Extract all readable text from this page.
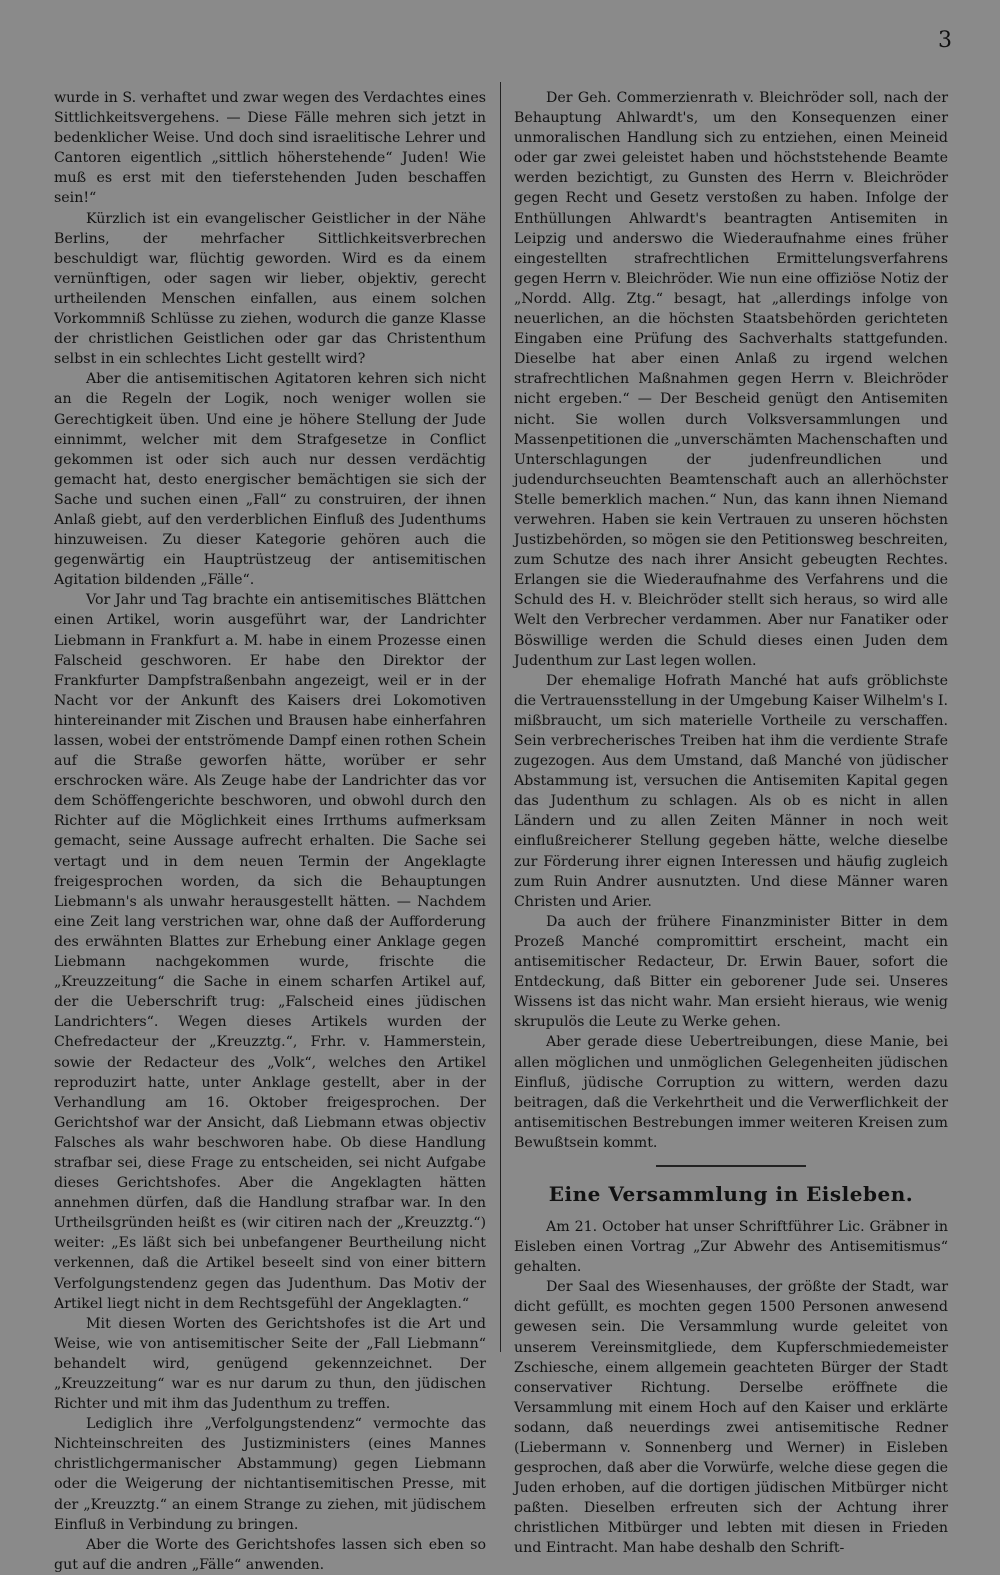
3

wurde in S. verhaftet und zwar wegen des Verdachtes eines Sittlichkeitsvergehens. — Diese Fälle mehren sich jetzt in bedenklicher Weise. Und doch sind israelitische Lehrer und Cantoren eigentlich „sittlich höherstehende“ Juden! Wie muß es erst mit den tieferstehenden Juden beschaffen sein!“

Kürzlich ist ein evangelischer Geistlicher in der Nähe Berlins, der mehrfacher Sittlichkeitsverbrechen beschuldigt war, flüchtig geworden. Wird es da einem vernünftigen, oder sagen wir lieber, objektiv, gerecht urtheilenden Menschen einfallen, aus einem solchen Vorkommniß Schlüsse zu ziehen, wodurch die ganze Klasse der christlichen Geistlichen oder gar das Christenthum selbst in ein schlechtes Licht gestellt wird?

Aber die antisemitischen Agitatoren kehren sich nicht an die Regeln der Logik, noch weniger wollen sie Gerechtigkeit üben. Und eine je höhere Stellung der Jude einnimmt, welcher mit dem Strafgesetze in Conflict gekommen ist oder sich auch nur dessen verdächtig gemacht hat, desto energischer bemächtigen sie sich der Sache und suchen einen „Fall“ zu construiren, der ihnen Anlaß giebt, auf den verderblichen Einfluß des Judenthums hinzuweisen. Zu dieser Kategorie gehören auch die gegenwärtig ein Hauptrüstzeug der antisemitischen Agitation bildenden „Fälle“.

Vor Jahr und Tag brachte ein antisemitisches Blättchen einen Artikel, worin ausgeführt war, der Landrichter Liebmann in Frankfurt a. M. habe in einem Prozesse einen Falscheid geschworen. Er habe den Direktor der Frankfurter Dampfstraßenbahn angezeigt, weil er in der Nacht vor der Ankunft des Kaisers drei Lokomotiven hintereinander mit Zischen und Brausen habe einherfahren lassen, wobei der entströmende Dampf einen rothen Schein auf die Straße geworfen hätte, worüber er sehr erschrocken wäre. Als Zeuge habe der Landrichter das vor dem Schöffengerichte beschworen, und obwohl durch den Richter auf die Möglichkeit eines Irrthums aufmerksam gemacht, seine Aussage aufrecht erhalten. Die Sache sei vertagt und in dem neuen Termin der Angeklagte freigesprochen worden, da sich die Behauptungen Liebmann's als unwahr herausgestellt hätten. — Nachdem eine Zeit lang verstrichen war, ohne daß der Aufforderung des erwähnten Blattes zur Erhebung einer Anklage gegen Liebmann nachgekommen wurde, frischte die „Kreuzzeitung“ die Sache in einem scharfen Artikel auf, der die Ueberschrift trug: „Falscheid eines jüdischen Landrichters“. Wegen dieses Artikels wurden der Chefredacteur der „Kreuzztg.“, Frhr. v. Hammerstein, sowie der Redacteur des „Volk“, welches den Artikel reproduzirt hatte, unter Anklage gestellt, aber in der Verhandlung am 16. Oktober freigesprochen. Der Gerichtshof war der Ansicht, daß Liebmann etwas objectiv Falsches als wahr beschworen habe. Ob diese Handlung strafbar sei, diese Frage zu entscheiden, sei nicht Aufgabe dieses Gerichtshofes. Aber die Angeklagten hätten annehmen dürfen, daß die Handlung strafbar war. In den Urtheilsgründen heißt es (wir citiren nach der „Kreuzztg.“) weiter: „Es läßt sich bei unbefangener Beurtheilung nicht verkennen, daß die Artikel beseelt sind von einer bittern Verfolgungstendenz gegen das Judenthum. Das Motiv der Artikel liegt nicht in dem Rechtsgefühl der Angeklagten.“

Mit diesen Worten des Gerichtshofes ist die Art und Weise, wie von antisemitischer Seite der „Fall Liebmann“ behandelt wird, genügend gekennzeichnet. Der „Kreuzzeitung“ war es nur darum zu thun, den jüdischen Richter und mit ihm das Judenthum zu treffen.

Lediglich ihre „Verfolgungstendenz“ vermochte das Nichteinschreiten des Justizministers (eines Mannes christlichgermanischer Abstammung) gegen Liebmann oder die Weigerung der nichtantisemitischen Presse, mit der „Kreuzztg.“ an einem Strange zu ziehen, mit jüdischem Einfluß in Verbindung zu bringen.

Aber die Worte des Gerichtshofes lassen sich eben so gut auf die andren „Fälle“ anwenden.

Der Geh. Commerzienrath v. Bleichröder soll, nach der Behauptung Ahlwardt's, um den Konsequenzen einer unmoralischen Handlung sich zu entziehen, einen Meineid oder gar zwei geleistet haben und höchststehende Beamte werden bezichtigt, zu Gunsten des Herrn v. Bleichröder gegen Recht und Gesetz verstoßen zu haben. Infolge der Enthüllungen Ahlwardt's beantragten Antisemiten in Leipzig und anderswo die Wiederaufnahme eines früher eingestellten strafrechtlichen Ermittelungsverfahrens gegen Herrn v. Bleichröder. Wie nun eine offiziöse Notiz der „Nordd. Allg. Ztg.“ besagt, hat „allerdings infolge von neuerlichen, an die höchsten Staatsbehörden gerichteten Eingaben eine Prüfung des Sachverhalts stattgefunden. Dieselbe hat aber einen Anlaß zu irgend welchen strafrechtlichen Maßnahmen gegen Herrn v. Bleichröder nicht ergeben.“ — Der Bescheid genügt den Antisemiten nicht. Sie wollen durch Volksversammlungen und Massenpetitionen die „unverschämten Machenschaften und Unterschlagungen der judenfreundlichen und judendurchseuchten Beamtenschaft auch an allerhöchster Stelle bemerklich machen.“ Nun, das kann ihnen Niemand verwehren. Haben sie kein Vertrauen zu unseren höchsten Justizbehörden, so mögen sie den Petitionsweg beschreiten, zum Schutze des nach ihrer Ansicht gebeugten Rechtes. Erlangen sie die Wiederaufnahme des Verfahrens und die Schuld des H. v. Bleichröder stellt sich heraus, so wird alle Welt den Verbrecher verdammen. Aber nur Fanatiker oder Böswillige werden die Schuld dieses einen Juden dem Judenthum zur Last legen wollen.

Der ehemalige Hofrath Manché hat aufs gröblichste die Vertrauensstellung in der Umgebung Kaiser Wilhelm's I. mißbraucht, um sich materielle Vortheile zu verschaffen. Sein verbrecherisches Treiben hat ihm die verdiente Strafe zugezogen. Aus dem Umstand, daß Manché von jüdischer Abstammung ist, versuchen die Antisemiten Kapital gegen das Judenthum zu schlagen. Als ob es nicht in allen Ländern und zu allen Zeiten Männer in noch weit einflußreicherer Stellung gegeben hätte, welche dieselbe zur Förderung ihrer eignen Interessen und häufig zugleich zum Ruin Andrer ausnutzten. Und diese Männer waren Christen und Arier.

Da auch der frühere Finanzminister Bitter in dem Prozeß Manché compromittirt erscheint, macht ein antisemitischer Redacteur, Dr. Erwin Bauer, sofort die Entdeckung, daß Bitter ein geborener Jude sei. Unseres Wissens ist das nicht wahr. Man ersieht hieraus, wie wenig skrupulös die Leute zu Werke gehen.

Aber gerade diese Uebertreibungen, diese Manie, bei allen möglichen und unmöglichen Gelegenheiten jüdischen Einfluß, jüdische Corruption zu wittern, werden dazu beitragen, daß die Verkehrtheit und die Verwerflichkeit der antisemitischen Bestrebungen immer weiteren Kreisen zum Bewußtsein kommt.

Eine Versammlung in Eisleben.

Am 21. October hat unser Schriftführer Lic. Gräbner in Eisleben einen Vortrag „Zur Abwehr des Antisemitismus“ gehalten.

Der Saal des Wiesenhauses, der größte der Stadt, war dicht gefüllt, es mochten gegen 1500 Personen anwesend gewesen sein. Die Versammlung wurde geleitet von unserem Vereinsmitgliede, dem Kupferschmiedemeister Zschiesche, einem allgemein geachteten Bürger der Stadt conservativer Richtung. Derselbe eröffnete die Versammlung mit einem Hoch auf den Kaiser und erklärte sodann, daß neuerdings zwei antisemitische Redner (Liebermann v. Sonnenberg und Werner) in Eisleben gesprochen, daß aber die Vorwürfe, welche diese gegen die Juden erhoben, auf die dortigen jüdischen Mitbürger nicht paßten. Dieselben erfreuten sich der Achtung ihrer christlichen Mitbürger und lebten mit diesen in Frieden und Eintracht. Man habe deshalb den Schrift-
